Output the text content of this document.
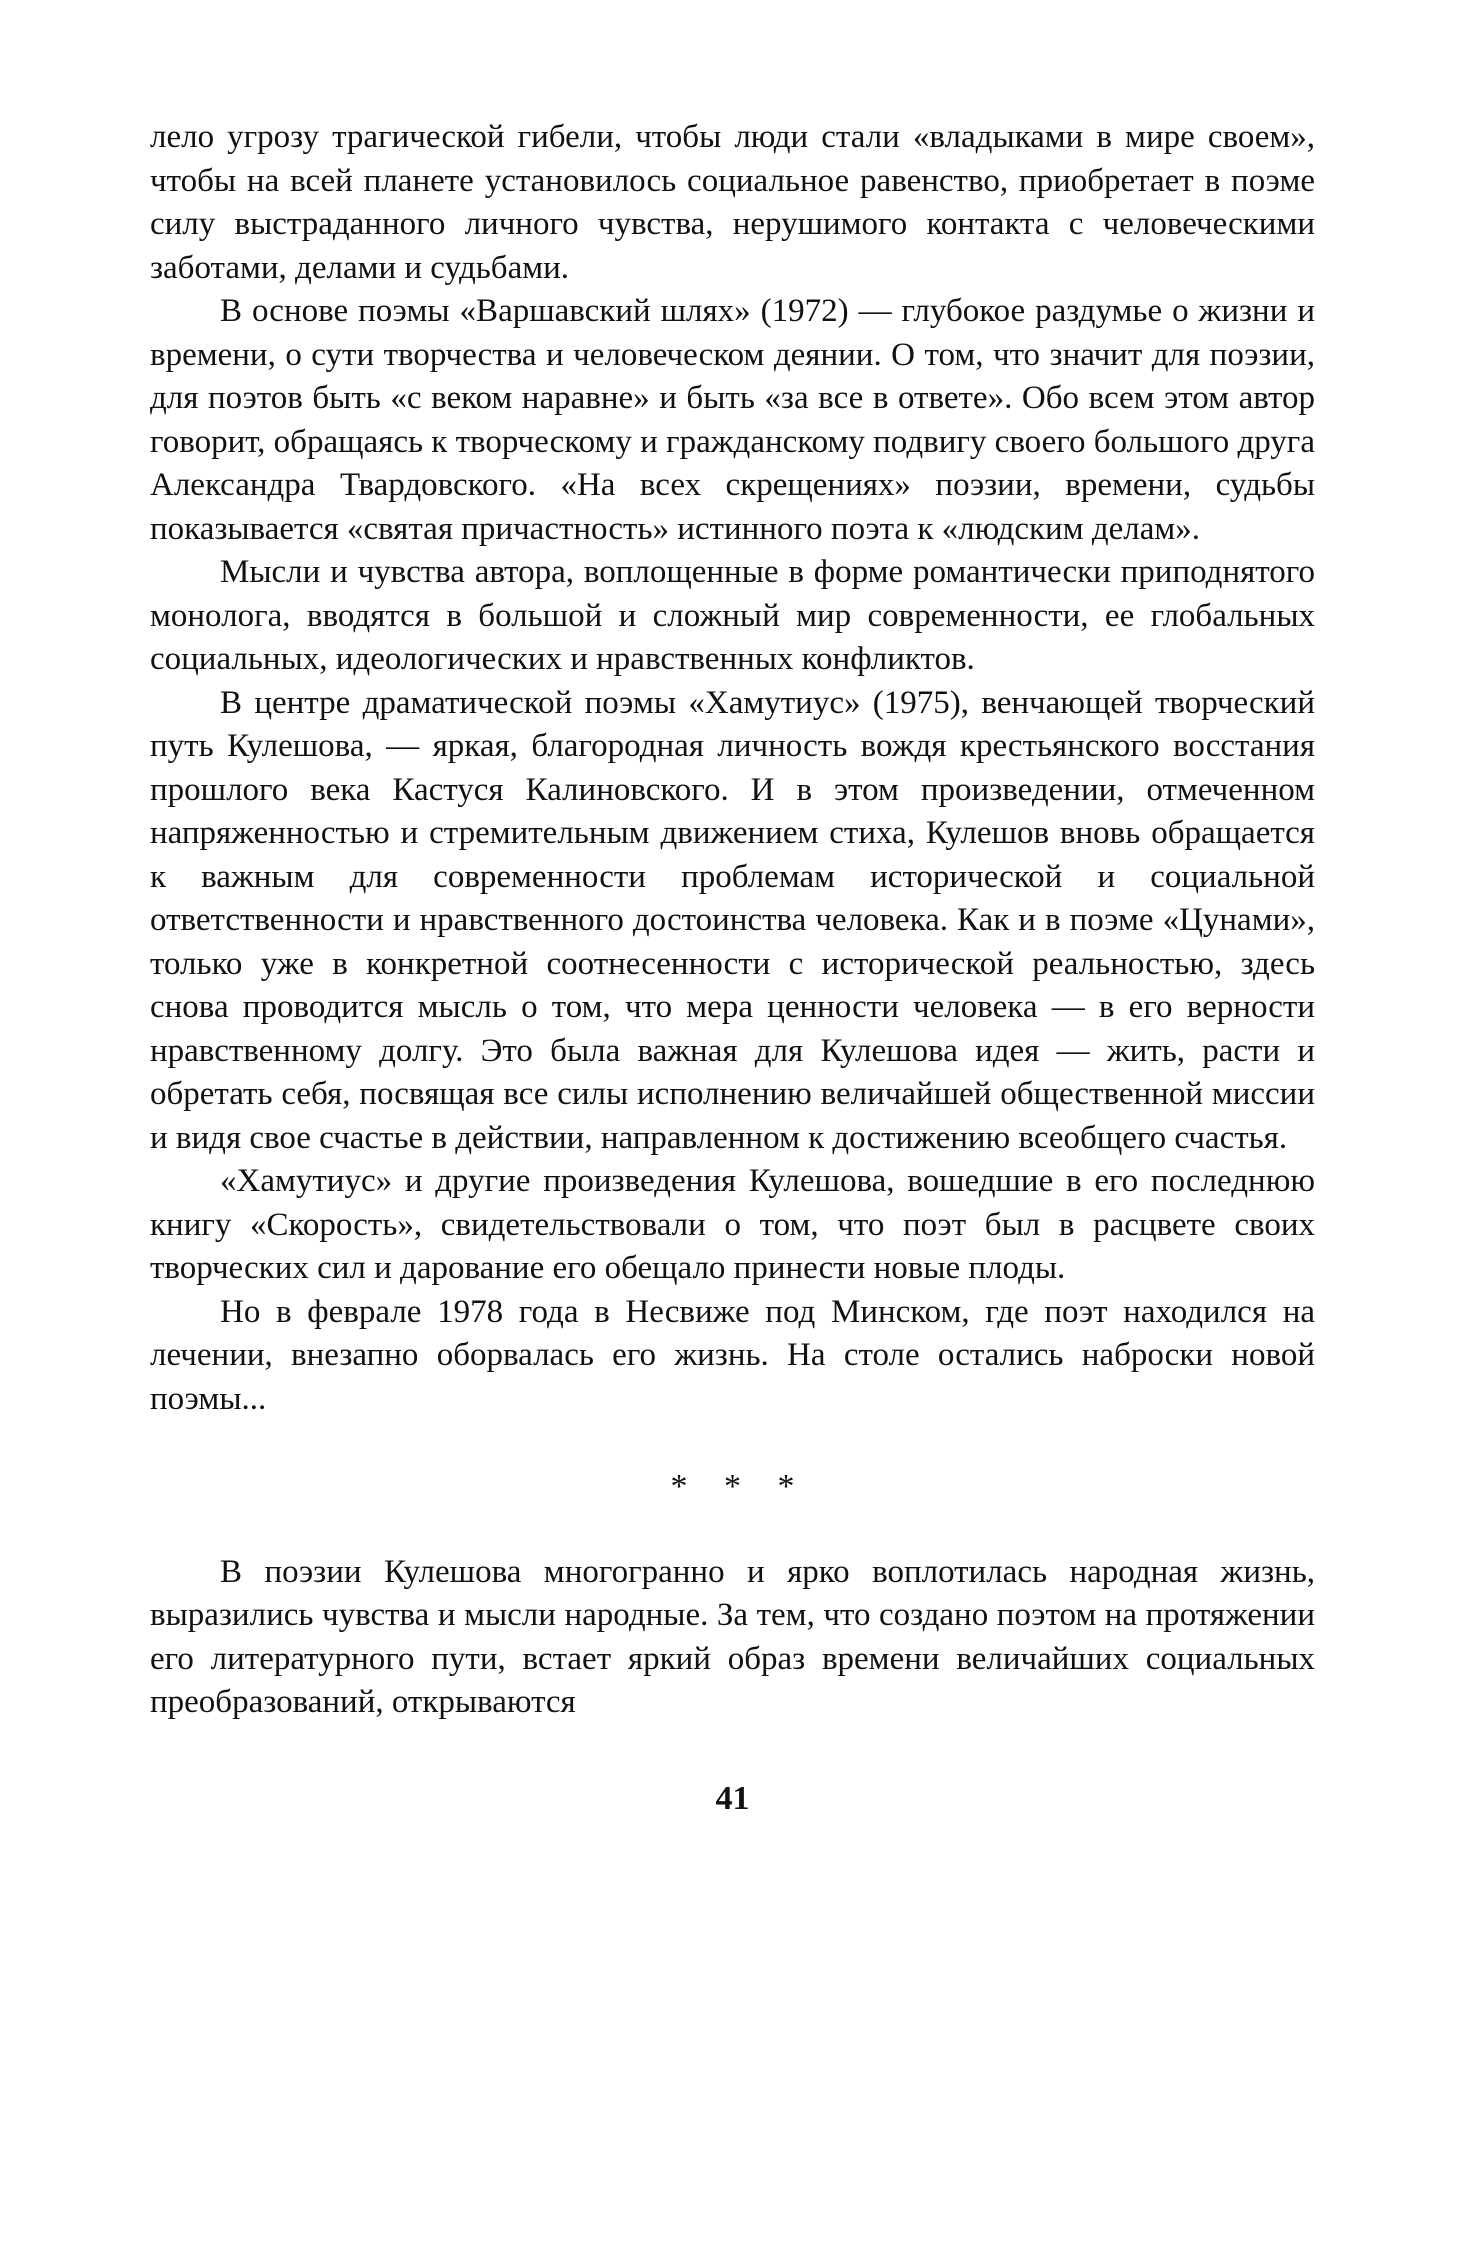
лело угрозу трагической гибели, чтобы люди стали «владыками в мире своем», чтобы на всей планете установилось социальное равенство, приобретает в поэме силу выстраданного личного чувства, нерушимого контакта с человеческими заботами, делами и судьбами.

В основе поэмы «Варшавский шлях» (1972) — глубокое раздумье о жизни и времени, о сути творчества и человеческом деянии. О том, что значит для поэзии, для поэтов быть «с веком наравне» и быть «за все в ответе». Обо всем этом автор говорит, обращаясь к творческому и гражданскому подвигу своего большого друга Александра Твардовского. «На всех скрещениях» поэзии, времени, судьбы показывается «святая причастность» истинного поэта к «людским делам».

Мысли и чувства автора, воплощенные в форме романтически приподнятого монолога, вводятся в большой и сложный мир современности, ее глобальных социальных, идеологических и нравственных конфликтов.

В центре драматической поэмы «Хамутиус» (1975), венчающей творческий путь Кулешова, — яркая, благородная личность вождя крестьянского восстания прошлого века Кастуся Калиновского. И в этом произведении, отмеченном напряженностью и стремительным движением стиха, Кулешов вновь обращается к важным для современности проблемам исторической и социальной ответственности и нравственного достоинства человека. Как и в поэме «Цунами», только уже в конкретной соотнесенности с исторической реальностью, здесь снова проводится мысль о том, что мера ценности человека — в его верности нравственному долгу. Это была важная для Кулешова идея — жить, расти и обретать себя, посвящая все силы исполнению величайшей общественной миссии и видя свое счастье в действии, направленном к достижению всеобщего счастья.

«Хамутиус» и другие произведения Кулешова, вошедшие в его последнюю книгу «Скорость», свидетельствовали о том, что поэт был в расцвете своих творческих сил и дарование его обещало принести новые плоды.

Но в феврале 1978 года в Несвиже под Минском, где поэт находился на лечении, внезапно оборвалась его жизнь. На столе остались наброски новой поэмы...

* * *

В поэзии Кулешова многогранно и ярко воплотилась народная жизнь, выразились чувства и мысли народные. За тем, что создано поэтом на протяжении его литературного пути, встает яркий образ времени величайших социальных преобразований, открываются

41
